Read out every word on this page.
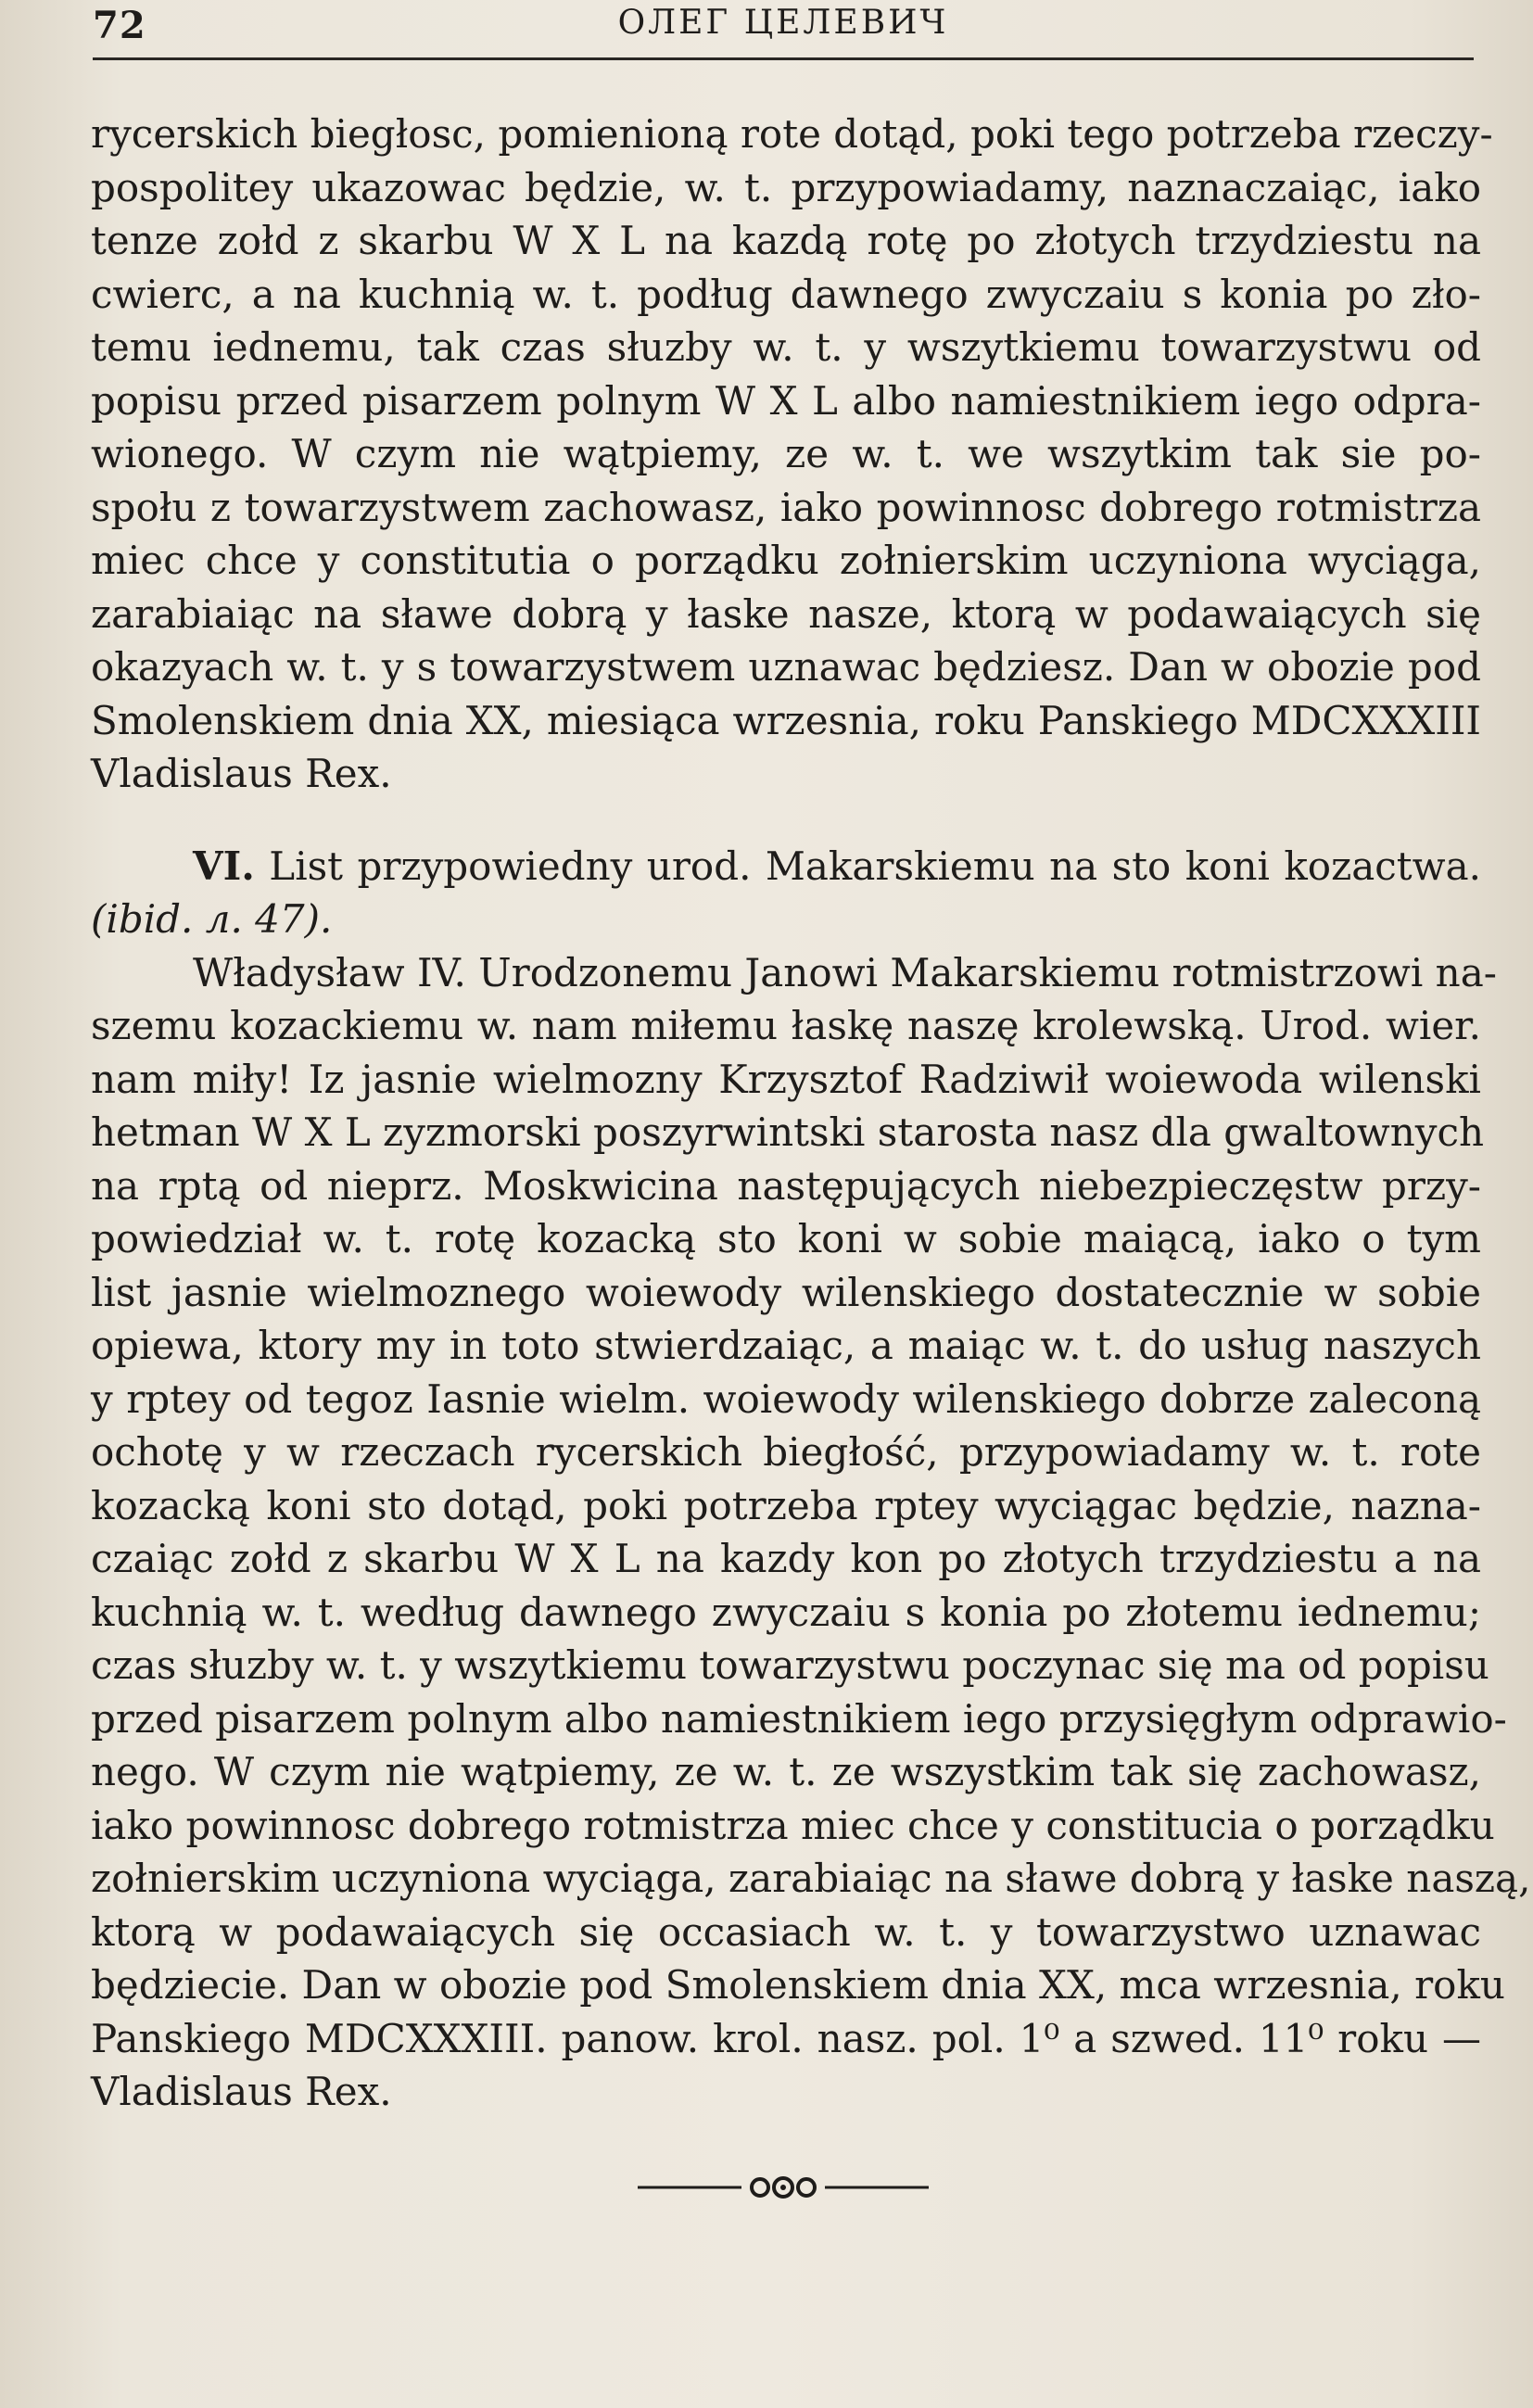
72	ОЛЕГ ЦЕЛЕВИЧ
rycerskich biegłosc, pomienioną rote dotąd, poki tego potrzeba rzeczy-
pospolitey ukazowac będzie, w. t. przypowiadamy, naznaczaiąc, iako
tenze zołd z skarbu W X L na kazdą rotę po złotych trzydziestu na
cwierc, a na kuchnią w. t. podług dawnego zwyczaiu s konia po zło-
temu iednemu, tak czas słuzby w. t. y wszytkiemu towarzystwu od
popisu przed pisarzem polnym W X L albo namiestnikiem iego odpra-
wionego. W czym nie wątpiemy, ze w. t. we wszytkim tak sie po-
społu z towarzystwem zachowasz, iako powinnosc dobrego rotmistrza
miec chce y constitutia o porządku zołnierskim uczyniona wyciąga,
zarabiaiąc na sławe dobrą y łaske nasze, ktorą w podawaiących się
okazyach w. t. y s towarzystwem uznawac będziesz. Dan w obozie pod
Smolenskiem dnia XX, miesiąca wrzesnia, roku Panskiego MDCXXXIII
Vladislaus Rex.
VI. List przypowiedny urod. Makarskiemu na sto koni kozactwa.
(ibid. л. 47).
Władysław IV. Urodzonemu Janowi Makarskiemu rotmistrzowi na-
szemu kozackiemu w. nam miłemu łaskę naszę krolewską. Urod. wier.
nam miły! Iz jasnie wielmozny Krzysztof Radziwił woiewoda wilenski
hetman W X L zyzmorski poszyrwintski starosta nasz dla gwaltownych
na rptą od nieprz. Moskwicina następujących niebezpieczęstw przy-
powiedział w. t. rotę kozacką sto koni w sobie maiącą, iako o tym
list jasnie wielmoznego woiewody wilenskiego dostatecznie w sobie
opiewa, ktory my in toto stwierdzaiąc, a maiąc w. t. do usług naszych
y rptey od tegoz Iasnie wielm. woiewody wilenskiego dobrze zaleconą
ochotę y w rzeczach rycerskich biegłość, przypowiadamy w. t. rote
kozacką koni sto dotąd, poki potrzeba rptey wyciągac będzie, nazna-
czaiąc zołd z skarbu W X L na kazdy kon po złotych trzydziestu a na
kuchnią w. t. według dawnego zwyczaiu s konia po złotemu iednemu;
czas słuzby w. t. y wszytkiemu towarzystwu poczynac się ma od popisu
przed pisarzem polnym albo namiestnikiem iego przysięgłym odprawio-
nego. W czym nie wątpiemy, ze w. t. ze wszystkim tak się zachowasz,
iako powinnosc dobrego rotmistrza miec chce y constitucia o porządku
zołnierskim uczyniona wyciąga, zarabiaiąc na sławe dobrą y łaske naszą,
ktorą w podawaiących się occasiach w. t. y towarzystwo uznawac
będziecie. Dan w obozie pod Smolenskiem dnia XX, mca wrzesnia, roku
Panskiego MDCXXXIII. panow. krol. nasz. pol. 1⁰ a szwed. 11⁰ roku —
Vladislaus Rex.
